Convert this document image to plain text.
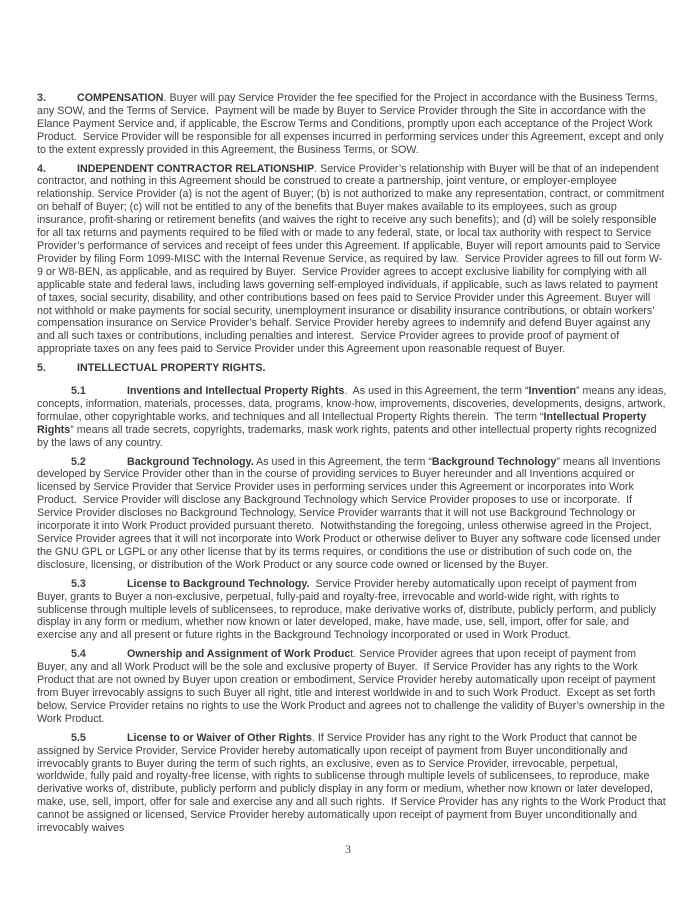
3.	COMPENSATION. Buyer will pay Service Provider the fee specified for the Project in accordance with the Business Terms, any SOW, and the Terms of Service.  Payment will be made by Buyer to Service Provider through the Site in accordance with the Elance Payment Service and, if applicable, the Escrow Terms and Conditions, promptly upon each acceptance of the Project Work Product.  Service Provider will be responsible for all expenses incurred in performing services under this Agreement, except and only to the extent expressly provided in this Agreement, the Business Terms, or SOW.

4.	INDEPENDENT CONTRACTOR RELATIONSHIP. Service Provider’s relationship with Buyer will be that of an independent contractor, and nothing in this Agreement should be construed to create a partnership, joint venture, or employer-employee relationship. Service Provider (a) is not the agent of Buyer; (b) is not authorized to make any representation, contract, or commitment on behalf of Buyer; (c) will not be entitled to any of the benefits that Buyer makes available to its employees, such as group insurance, profit-sharing or retirement benefits (and waives the right to receive any such benefits); and (d) will be solely responsible for all tax returns and payments required to be filed with or made to any federal, state, or local tax authority with respect to Service Provider’s performance of services and receipt of fees under this Agreement. If applicable, Buyer will report amounts paid to Service Provider by filing Form 1099-MISC with the Internal Revenue Service, as required by law.  Service Provider agrees to fill out form W-9 or W8-BEN, as applicable, and as required by Buyer.  Service Provider agrees to accept exclusive liability for complying with all applicable state and federal laws, including laws governing self-employed individuals, if applicable, such as laws related to payment of taxes, social security, disability, and other contributions based on fees paid to Service Provider under this Agreement. Buyer will not withhold or make payments for social security, unemployment insurance or disability insurance contributions, or obtain workers’ compensation insurance on Service Provider’s behalf. Service Provider hereby agrees to indemnify and defend Buyer against any and all such taxes or contributions, including penalties and interest.  Service Provider agrees to provide proof of payment of appropriate taxes on any fees paid to Service Provider under this Agreement upon reasonable request of Buyer.

5.	INTELLECTUAL PROPERTY RIGHTS.

5.1	Inventions and Intellectual Property Rights.  As used in this Agreement, the term “Invention” means any ideas, concepts, information, materials, processes, data, programs, know-how, improvements, discoveries, developments, designs, artwork, formulae, other copyrightable works, and techniques and all Intellectual Property Rights therein.  The term “Intellectual Property Rights” means all trade secrets, copyrights, trademarks, mask work rights, patents and other intellectual property rights recognized by the laws of any country.

5.2	Background Technology. As used in this Agreement, the term “Background Technology” means all Inventions developed by Service Provider other than in the course of providing services to Buyer hereunder and all Inventions acquired or licensed by Service Provider that Service Provider uses in performing services under this Agreement or incorporates into Work Product.  Service Provider will disclose any Background Technology which Service Provider proposes to use or incorporate.  If Service Provider discloses no Background Technology, Service Provider warrants that it will not use Background Technology or incorporate it into Work Product provided pursuant thereto.  Notwithstanding the foregoing, unless otherwise agreed in the Project, Service Provider agrees that it will not incorporate into Work Product or otherwise deliver to Buyer any software code licensed under the GNU GPL or LGPL or any other license that by its terms requires, or conditions the use or distribution of such code on, the disclosure, licensing, or distribution of the Work Product or any source code owned or licensed by the Buyer.

5.3	License to Background Technology.  Service Provider hereby automatically upon receipt of payment from Buyer, grants to Buyer a non-exclusive, perpetual, fully-paid and royalty-free, irrevocable and world-wide right, with rights to sublicense through multiple levels of sublicensees, to reproduce, make derivative works of, distribute, publicly perform, and publicly display in any form or medium, whether now known or later developed, make, have made, use, sell, import, offer for sale, and exercise any and all present or future rights in the Background Technology incorporated or used in Work Product.

5.4	Ownership and Assignment of Work Product. Service Provider agrees that upon receipt of payment from Buyer, any and all Work Product will be the sole and exclusive property of Buyer.  If Service Provider has any rights to the Work Product that are not owned by Buyer upon creation or embodiment, Service Provider hereby automatically upon receipt of payment from Buyer irrevocably assigns to such Buyer all right, title and interest worldwide in and to such Work Product.  Except as set forth below, Service Provider retains no rights to use the Work Product and agrees not to challenge the validity of Buyer’s ownership in the Work Product.

5.5	License to or Waiver of Other Rights. If Service Provider has any right to the Work Product that cannot be assigned by Service Provider, Service Provider hereby automatically upon receipt of payment from Buyer unconditionally and irrevocably grants to Buyer during the term of such rights, an exclusive, even as to Service Provider, irrevocable, perpetual, worldwide, fully paid and royalty-free license, with rights to sublicense through multiple levels of sublicensees, to reproduce, make derivative works of, distribute, publicly perform and publicly display in any form or medium, whether now known or later developed, make, use, sell, import, offer for sale and exercise any and all such rights.  If Service Provider has any rights to the Work Product that cannot be assigned or licensed, Service Provider hereby automatically upon receipt of payment from Buyer unconditionally and irrevocably waives

3
